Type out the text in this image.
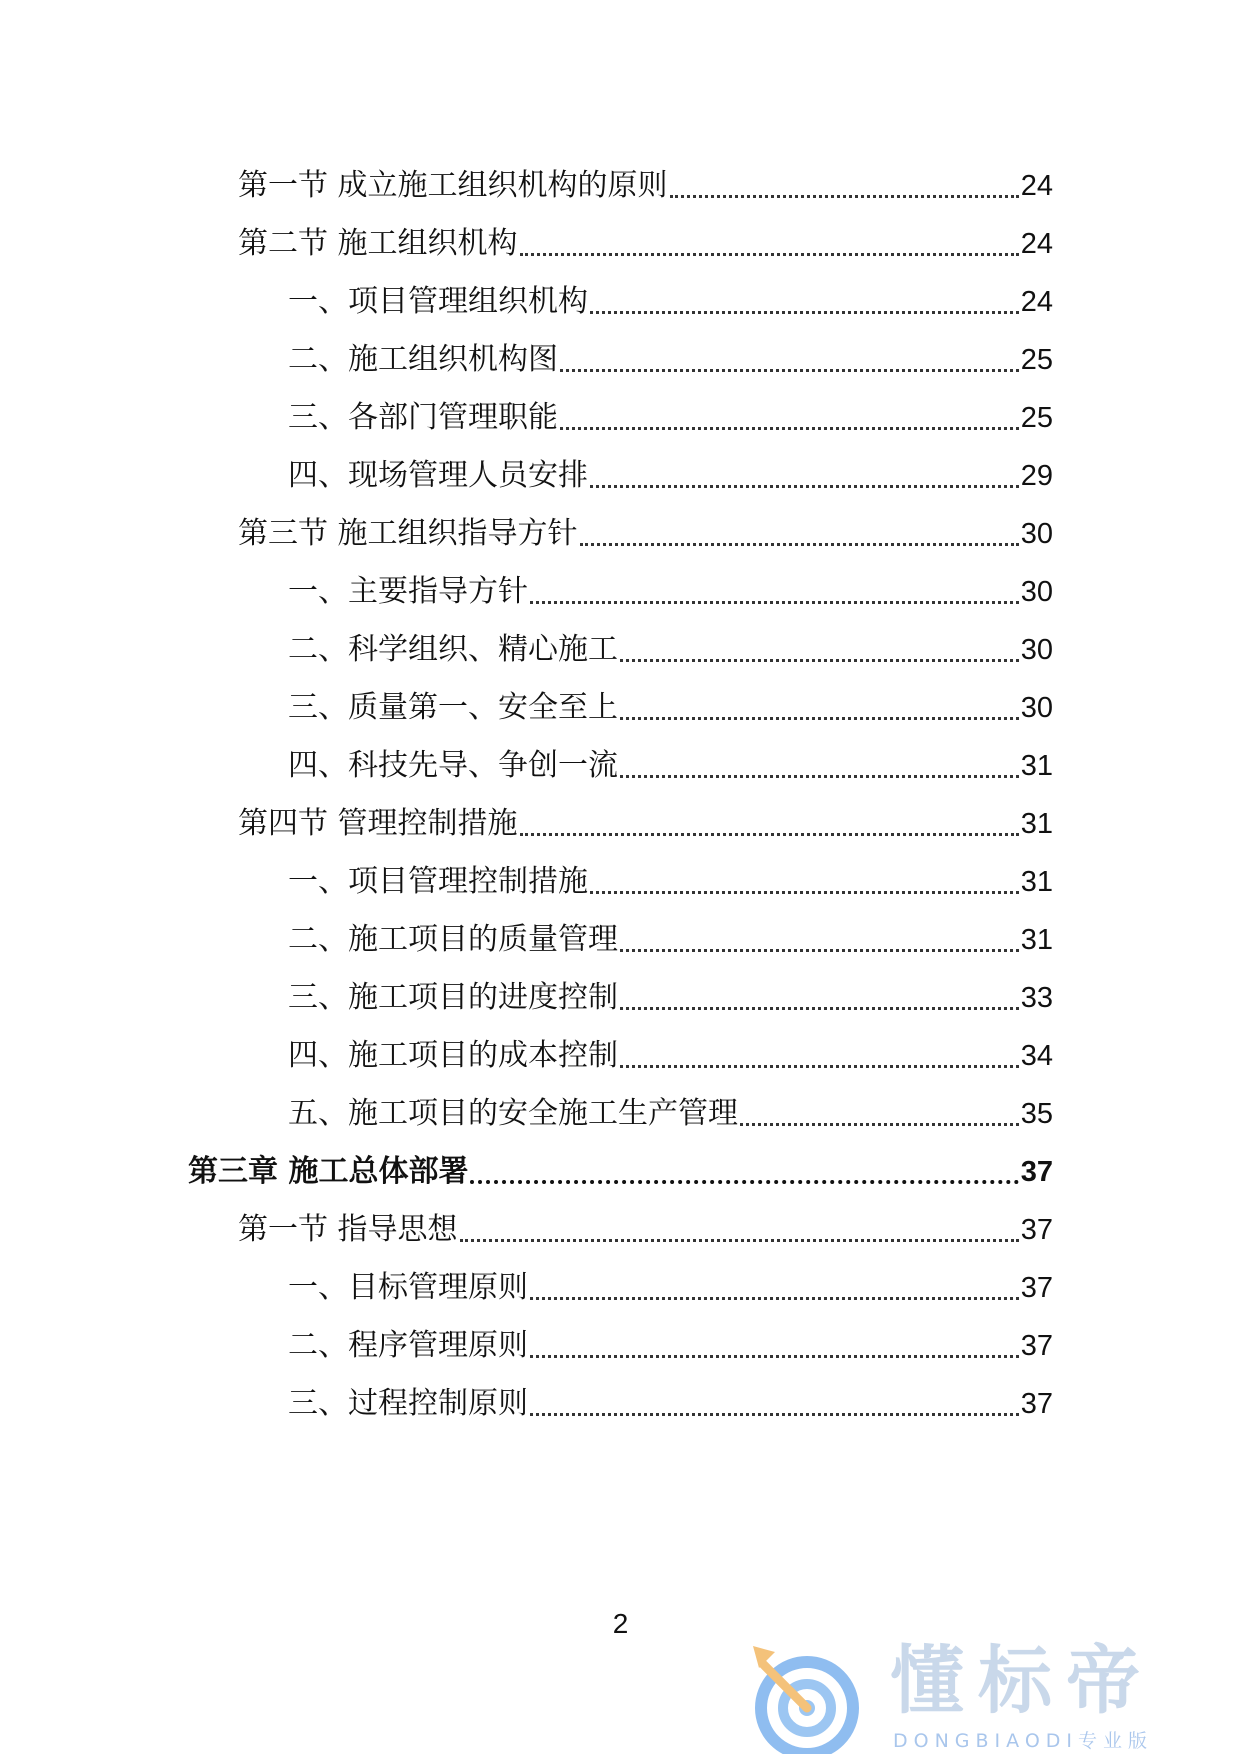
第一节 成立施工组织机构的原则	24
第二节 施工组织机构	24
一、项目管理组织机构	24
二、施工组织机构图	25
三、各部门管理职能	25
四、现场管理人员安排	29
第三节 施工组织指导方针	30
一、主要指导方针	30
二、科学组织、精心施工	30
三、质量第一、安全至上	30
四、科技先导、争创一流	31
第四节 管理控制措施	31
一、项目管理控制措施	31
二、施工项目的质量管理	31
三、施工项目的进度控制	33
四、施工项目的成本控制	34
五、施工项目的安全施工生产管理	35
第三章 施工总体部署	37
第一节 指导思想	37
一、目标管理原则	37
二、程序管理原则	37
三、过程控制原则	37
2
懂标帝
DONGBIAODI专业版
